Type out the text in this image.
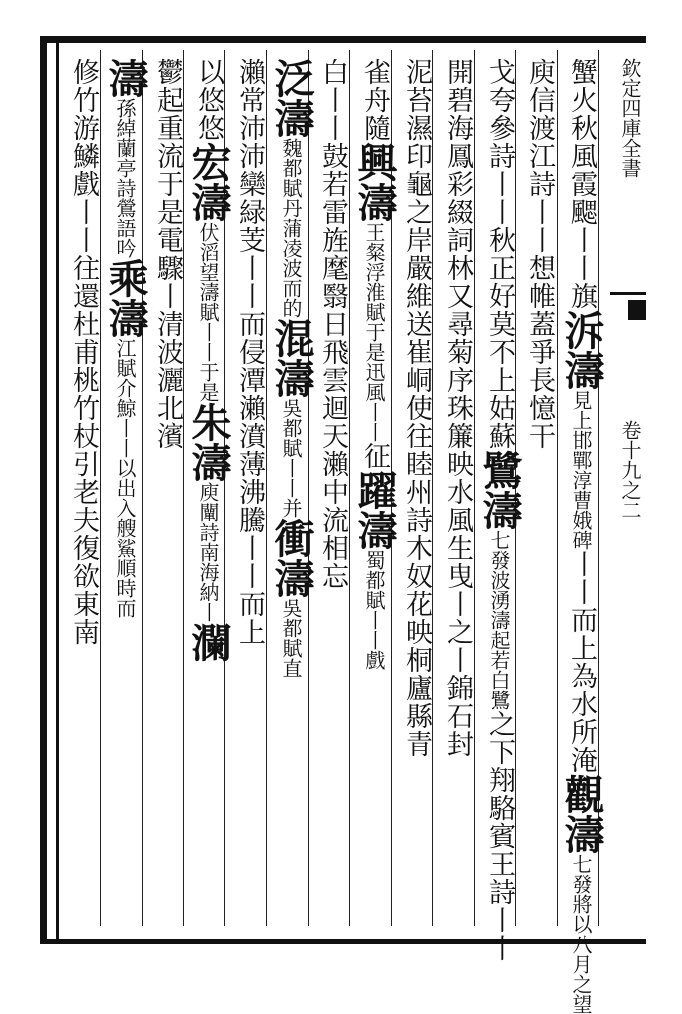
欽定四庫全書
卷十九之二
蟹火秋風霞颸丨丨旗泝濤見上邯鄲淳曹娥碑丨丨而上為水所淹觀濤七發將以八月之望
庾信渡江詩丨丨想帷蓋爭長憶干
戈夸參詩丨丨秋正好莫不上姑蘇鷺濤七發波湧濤起若白鷺之下翔駱賓王詩丨丨
開碧海鳳彩綴詞林又尋菊序珠簾映水風生曳丨之丨錦石封
泥苔濕印龜之岸嚴維送崔峒使往睦州詩木奴花映桐廬縣青
雀舟隨興濤王粲浮淮賦于是迅風丨丨征躍濤蜀都賦丨丨戲
白丨丨鼓若雷旌麾翳日飛雲迴天瀨中流相忘
泛濤魏都賦丹蒲凌波而的混濤吳都賦丨丨并衝濤吳都賦直
瀨常沛沛欒緑芰丨丨而侵潭瀨濆薄沸騰丨丨而上
以悠悠宏濤伏滔望濤賦丨丨于是朱濤庾闡詩南海納丨瀾
鬱起重流于是電驟丨清波灑北濱
濤孫綽蘭亭詩鶯語吟乘濤江賦介鯨丨丨以出入艘鯊順時而
修竹游鱗戲丨丨往還杜甫桃竹杖引老夫復欲東南
